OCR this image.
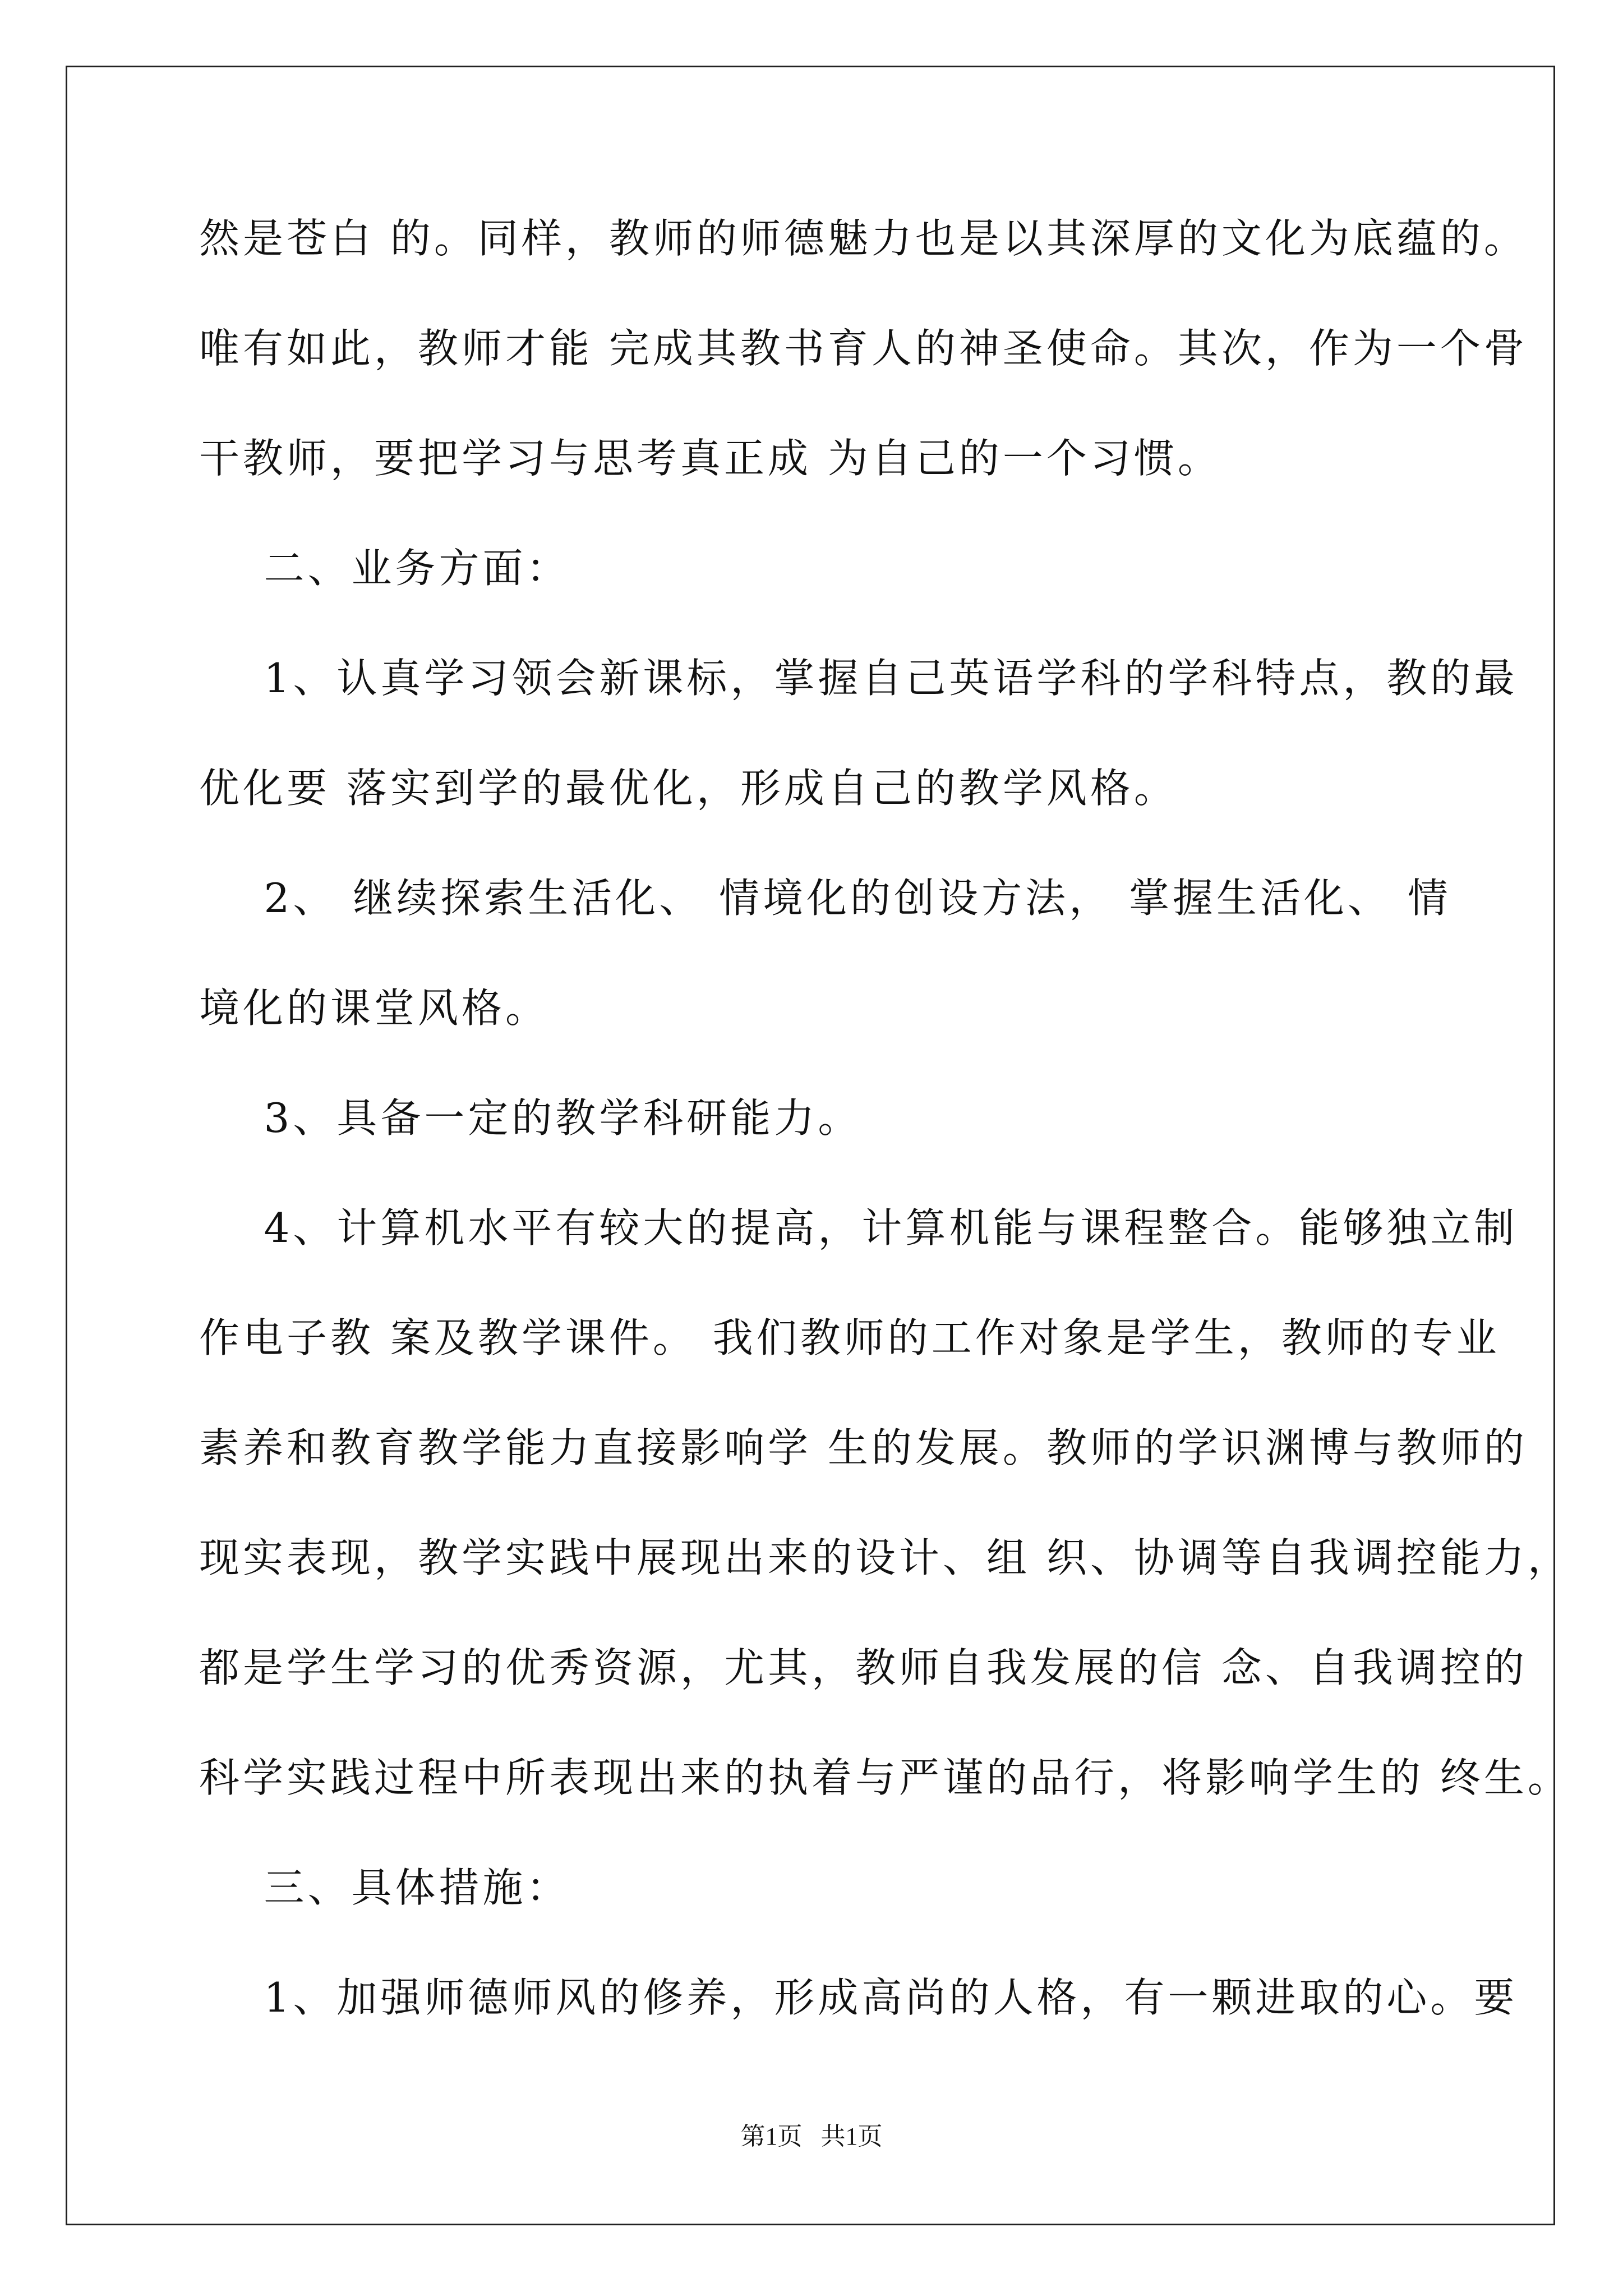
然是苍白 的。同样，教师的师德魅力也是以其深厚的文化为底蕴的。
唯有如此，教师才能 完成其教书育人的神圣使命。其次，作为一个骨
干教师，要把学习与思考真正成 为自己的一个习惯。
二、业务方面：
1、认真学习领会新课标，掌握自己英语学科的学科特点，教的最
优化要 落实到学的最优化，形成自己的教学风格。
2、 继续探索生活化、 情境化的创设方法， 掌握生活化、 情
境化的课堂风格。
3、具备一定的教学科研能力。
4、计算机水平有较大的提高，计算机能与课程整合。能够独立制
作电子教 案及教学课件。 我们教师的工作对象是学生，教师的专业
素养和教育教学能力直接影响学 生的发展。教师的学识渊博与教师的
现实表现，教学实践中展现出来的设计、组 织、协调等自我调控能力，
都是学生学习的优秀资源，尤其，教师自我发展的信 念、自我调控的
科学实践过程中所表现出来的执着与严谨的品行，将影响学生的 终生。
三、具体措施：
1、加强师德师风的修养，形成高尚的人格，有一颗进取的心。要
第1页   共1页
